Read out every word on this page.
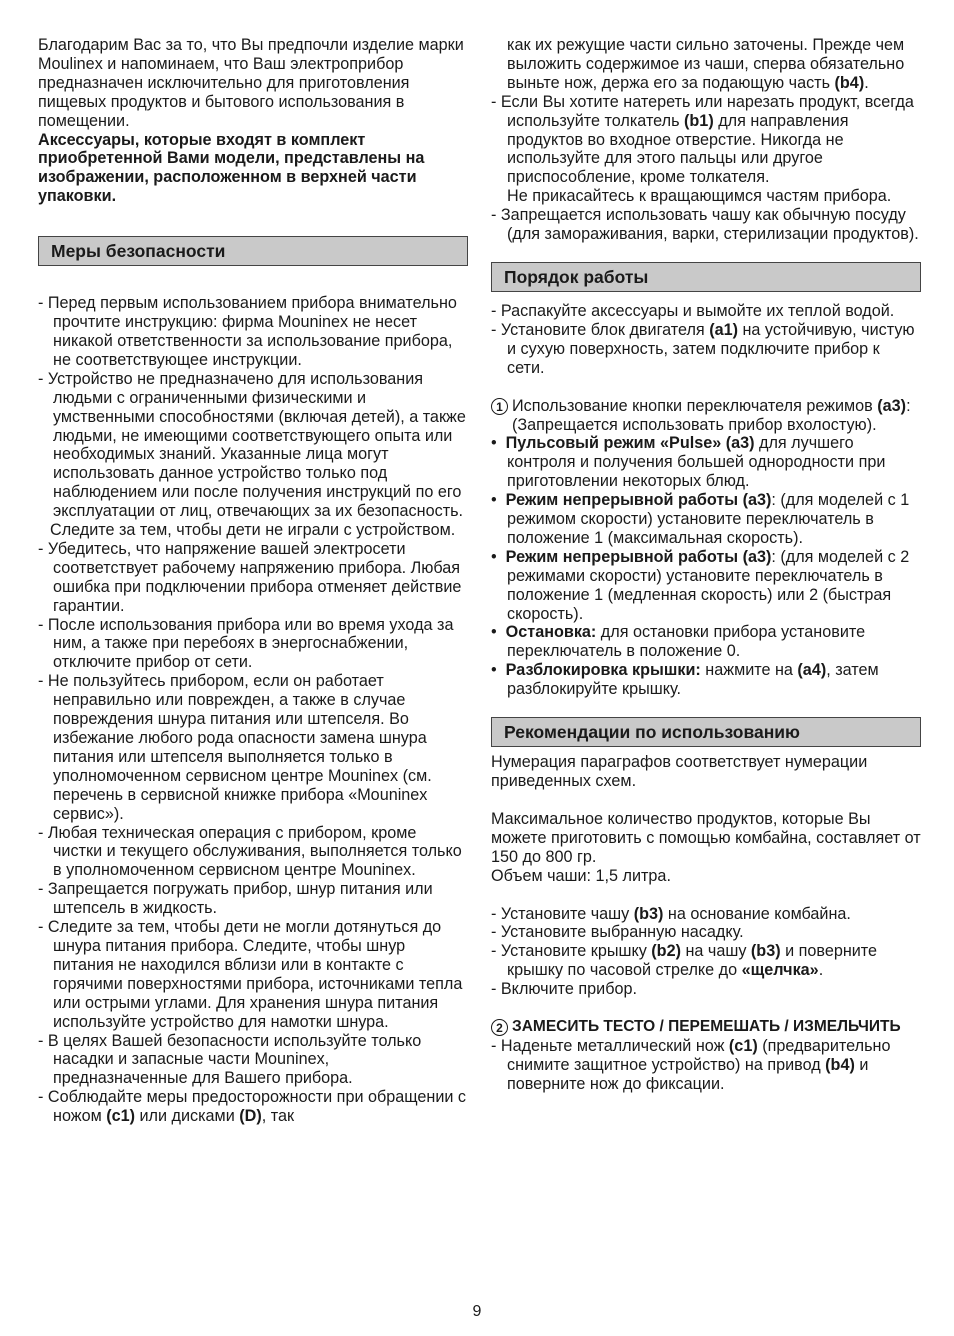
Благодарим Вас за то, что Вы предпочли изделие марки Moulinex и напоминаем, что Ваш электроприбор предназначен исключительно для приготовления пищевых продуктов и бытового использования в помещении.

Аксессуары, которые входят в комплект приобретенной Вами модели, представлены на изображении, расположенном в верхней части упаковки.

Меры безопасности

- Перед первым использованием прибора внимательно прочтите инструкцию: фирма Mouninex не несет никакой ответственности за использование прибора, не соответствующее инструкции.

- Устройство не предназначено для использования людьми с ограниченными физическими и умственными способностями (включая детей), а также людьми, не имеющими соответствующего опыта или необходимых знаний. Указанные лица могут использовать данное устройство только под наблюдением или после получения инструкций по его эксплуатации от лиц, отвечающих за их безопасность.

Следите за тем, чтобы дети не играли с устройством.

- Убедитесь, что напряжение вашей электросети соответствует рабочему напряжению прибора. Любая ошибка при подключении прибора отменяет действие гарантии.

- После использования прибора или во время ухода за ним, а также при перебоях в энергоснабжении, отключите прибор от сети.

- Не пользуйтесь прибором, если он работает неправильно или поврежден, а также в случае повреждения шнура питания или штепселя. Во избежание любого рода опасности замена шнура питания или штепселя выполняется только в уполномоченном сервисном центре Mouninex (см. перечень в сервисной книжке прибора «Mouninex сервис»).

- Любая техническая операция с прибором, кроме чистки и текущего обслуживания, выполняется только в уполномоченном сервисном центре Mouninex.

- Запрещается погружать прибор, шнур питания или штепсель в жидкость.

- Следите за тем, чтобы дети не могли дотянуться до шнура питания прибора. Следите, чтобы шнур питания не находился вблизи или в контакте с горячими поверхностями прибора, источниками тепла или острыми углами. Для хранения шнура питания используйте устройство для намотки шнура.

- В целях Вашей безопасности используйте только насадки и запасные части Mouninex, предназначенные для Вашего прибора.

- Соблюдайте меры предосторожности при обращении с ножом (c1) или дисками (D), так

как их режущие части сильно заточены. Прежде чем выложить содержимое из чаши, сперва обязательно выньте нож, держа его за подающую часть (b4).

- Если Вы хотите натереть или нарезать продукт, всегда используйте толкатель (b1) для направления продуктов во входное отверстие. Никогда не используйте для этого пальцы или другое приспособление, кроме толкателя.

Не прикасайтесь к вращающимся частям прибора.

- Запрещается использовать чашу как обычную посуду (для замораживания, варки, стерилизации продуктов).

Порядок работы

- Распакуйте аксессуары и вымойте их теплой водой.

- Установите блок двигателя (a1) на устойчивую, чистую и сухую поверхность, затем подключите прибор к сети.

1 Использование кнопки переключателя режимов (a3): (Запрещается использовать прибор вхолостую).

• Пульсовый режим «Pulse» (a3) для лучшего контроля и получения большей однородности при приготовлении некоторых блюд.

• Режим непрерывной работы (a3): (для моделей с 1 режимом скорости) установите переключатель в положение 1 (максимальная скорость).

• Режим непрерывной работы (a3): (для моделей с 2 режимами скорости) установите переключатель в положение 1 (медленная скорость) или 2 (быстрая скорость).

• Остановка: для остановки прибора установите переключатель в положение 0.

• Разблокировка крышки: нажмите на (a4), затем разблокируйте крышку.

Рекомендации по использованию

Нумерация параграфов соответствует нумерации приведенных схем.

Максимальное количество продуктов, которые Вы можете приготовить с помощью комбайна, составляет от 150 до 800 гр.

Объем чаши: 1,5 литра.

- Установите чашу (b3) на основание комбайна.

- Установите выбранную насадку.

- Установите крышку (b2) на чашу (b3) и поверните крышку по часовой стрелке до «щелчка».

- Включите прибор.

2 ЗАМЕСИТЬ ТЕСТО / ПЕРЕМЕШАТЬ / ИЗМЕЛЬЧИТЬ

- Наденьте металлический нож (c1) (предварительно снимите защитное устройство) на привод (b4) и поверните нож до фиксации.

9
